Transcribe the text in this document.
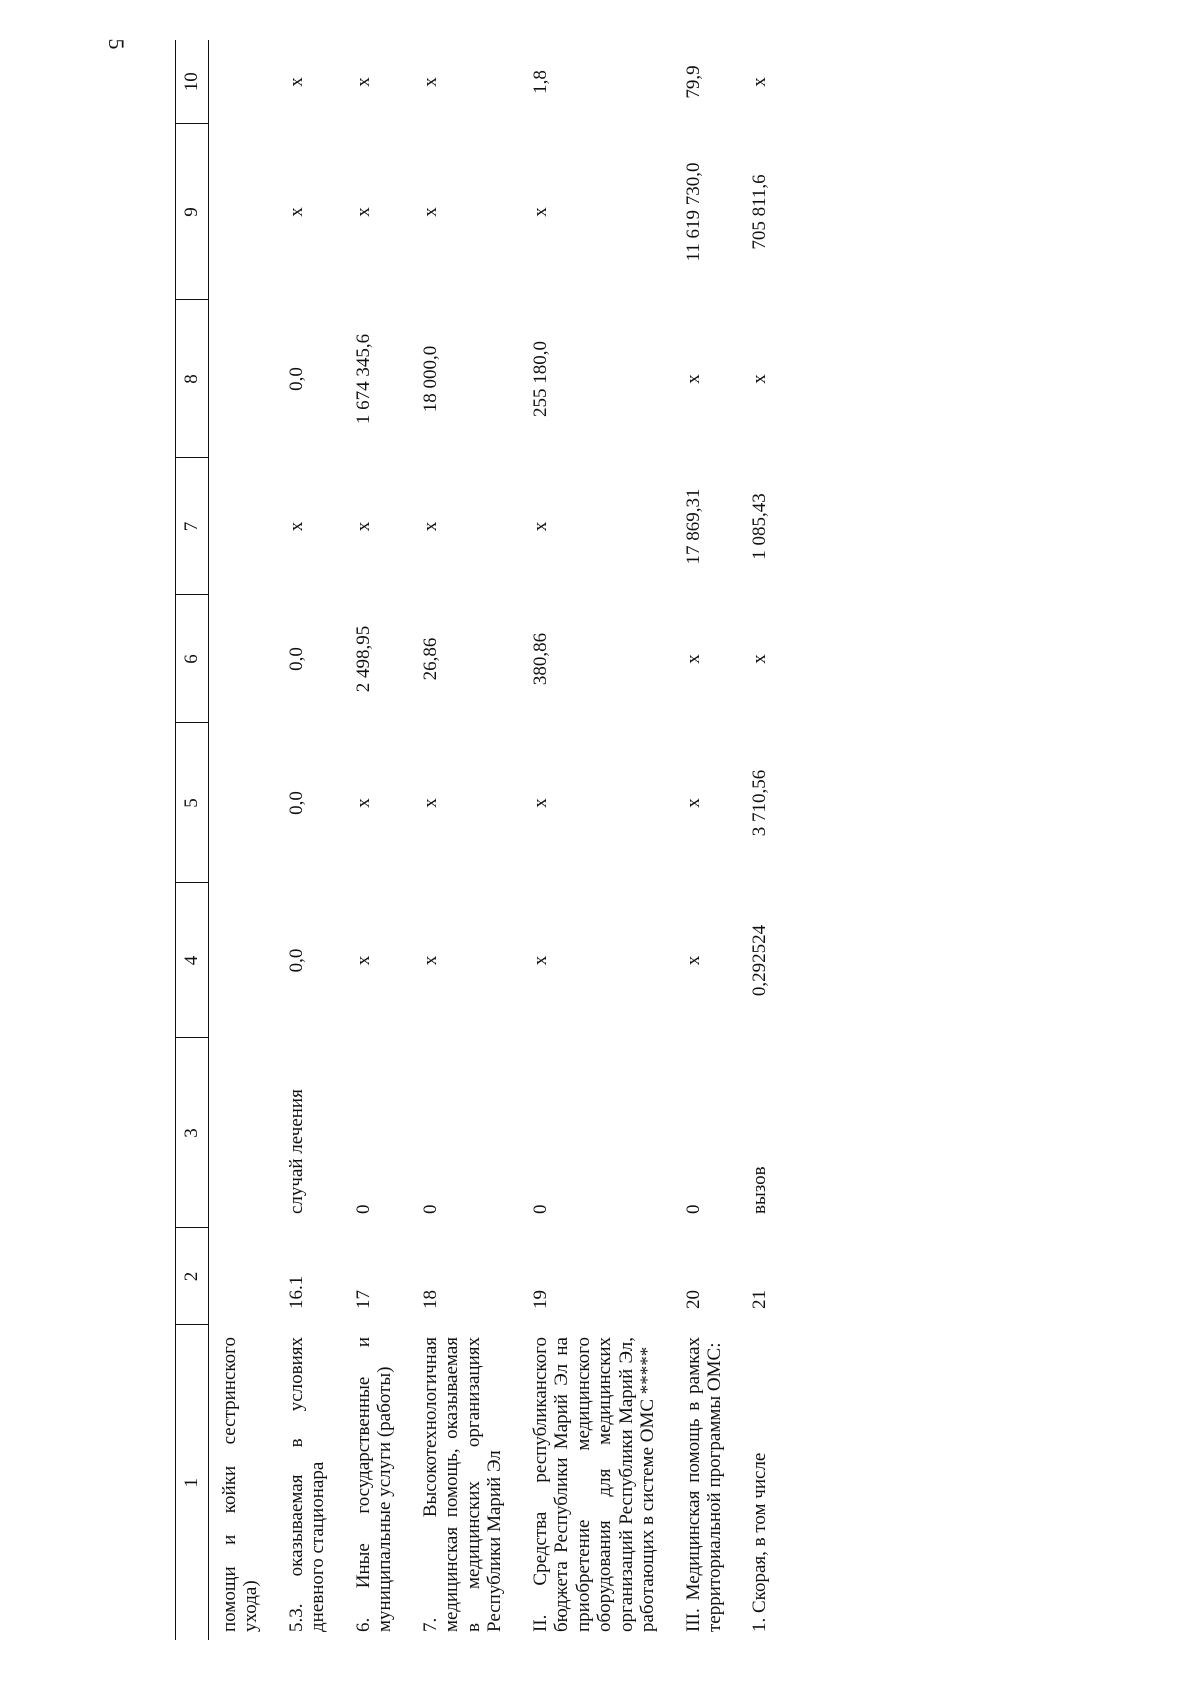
5
1	2	3	4	5	6	7	8	9	10
помощи и койки сестринского ухода)									
5.3. оказываемая в условиях дневного стационара	16.1	случай лечения	0,0	0,0	0,0	x	0,0	x	x
6. Иные государственные и муниципальные услуги (работы)	17	0	x	x	2 498,95	x	1 674 345,6	x	x
7. Высокотехнологичная медицинская помощь, оказываемая в медицинских организациях Республики Марий Эл	18	0	x	x	26,86	x	18 000,0	x	x
II. Средства республиканского бюджета Республики Марий Эл на приобретение медицинского оборудования для медицинских организаций Республики Марий Эл, работающих в системе ОМС *****	19	0	x	x	380,86	x	255 180,0	x	1,8
III. Медицинская помощь в рамках территориальной программы ОМС:	20	0	x	x	x	17 869,31	x	11 619 730,0	79,9
1. Скорая, в том числе	21	вызов	0,292524	3 710,56	x	1 085,43	x	705 811,6	x
